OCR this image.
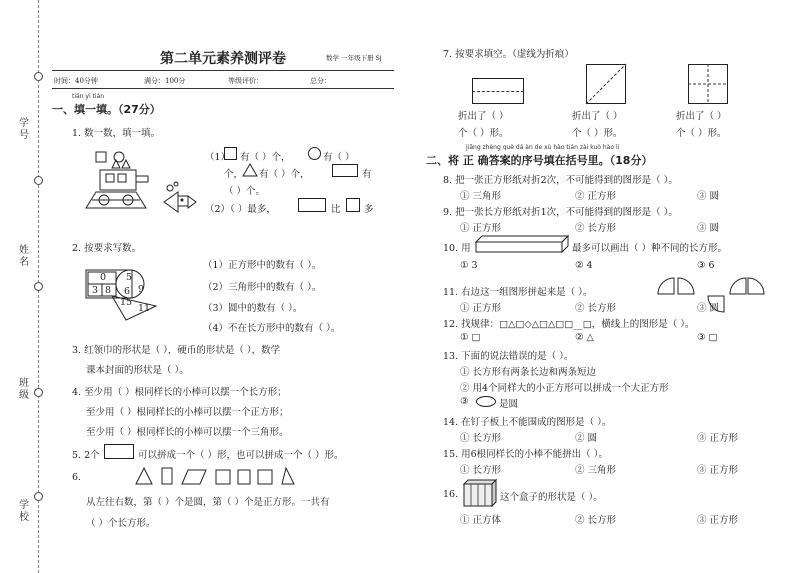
学号
姓名
班级
学校
第二单元素养测评卷	数学 一年级下册 SJ
时间：40分钟	满分：100分	等级评价：	总分：
tián yi tián
一、填一填。（27分）
1. 数一数，填一填。
（1） 有（ ）个，	有（ ）
个， 有（ ）个，	有
（ ）个。
（2）（ ）最多，	比 多
2. 按要求写数。
0 5
3 8 6 9
15
11
（1）正方形中的数有（ ）。
（2）三角形中的数有（ ）。
（3）圆中的数有（ ）。
（4）不在长方形中的数有（ ）。
3. 红领巾的形状是（ ），硬币的形状是（ ），数学
课本封面的形状是（ ）。
4. 至少用（ ）根同样长的小棒可以摆一个长方形；
至少用（ ）根同样长的小棒可以摆一个正方形；
至少用（ ）根同样长的小棒可以摆一个三角形。
5. 2个	可以拼成一个（ ）形，也可以拼成一个（ ）形。
6.
从左往右数，第（ ）个是圆，第（ ）个是正方形。一共有
（ ）个长方形。
7. 按要求填空。（虚线为折痕）
折出了（ ）	折出了（ ）	折出了（ ）
个（ ）形。	个（ ）形。	个（ ）形。
jiāng zhèng què dá àn de xù hào tián zài kuò hào li
二、将 正 确答案的序号填在括号里。（18分）
8. 把一张正方形纸对折2次，不可能得到的图形是（ ）。
① 三角形	② 正方形	③ 圆
9. 把一张长方形纸对折1次，不可能得到的图形是（ ）。
① 正方形	② 长方形	③ 圆
10. 用	最多可以画出（ ）种不同的长方形。
① 3	② 4	③ 6
11. 右边这一组图形拼起来是（ ）。
① 正方形	② 长方形	③ 圆
12. 找规律：□△□◇△□△□□__□，横线上的图形是（ ）。
① □	② △	③ □
13. 下面的说法错误的是（ ）。
① 长方形有两条长边和两条短边
② 用4个同样大的小正方形可以拼成一个大正方形
③	是圆
14. 在钉子板上不能围成的图形是（ ）。
① 长方形	② 圆	③ 正方形
15. 用6根同样长的小棒不能拼出（ ）。
① 长方形	② 三角形	③ 正方形
16.	这个盒子的形状是（ ）。
① 正方体	② 长方形	③ 正方形
